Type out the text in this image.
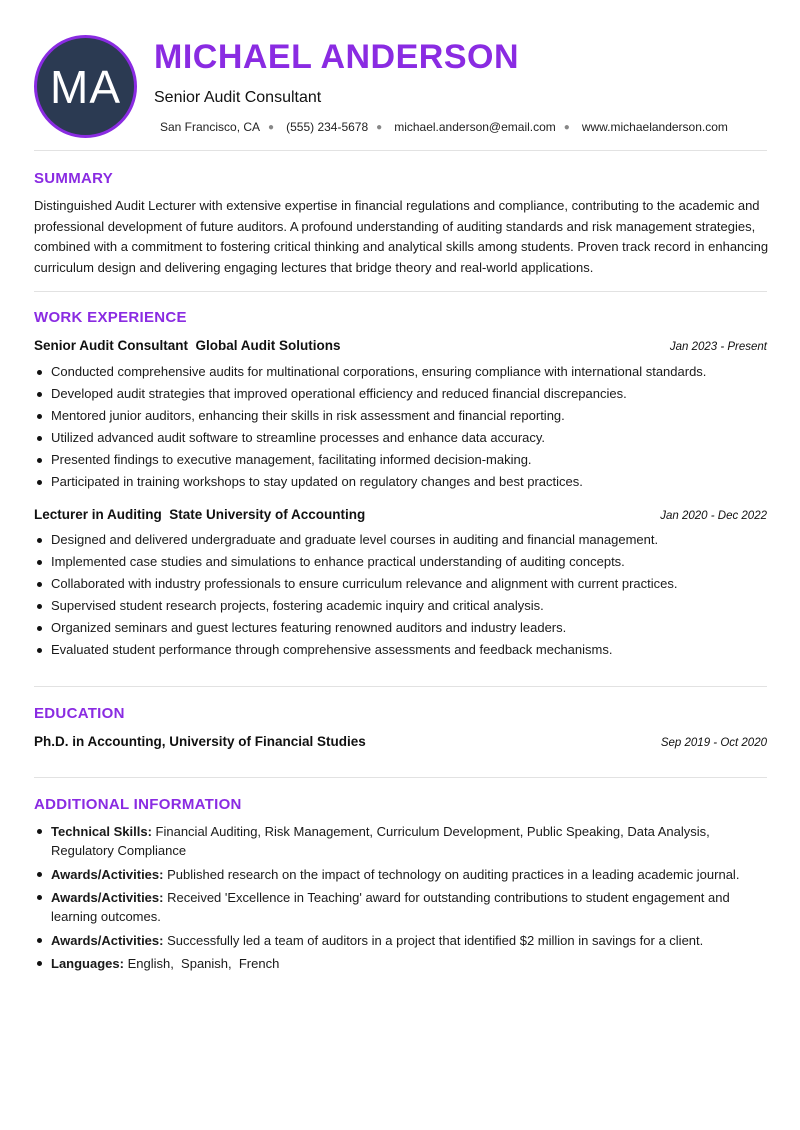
MA
MICHAEL ANDERSON
Senior Audit Consultant
San Francisco, CA ● (555) 234-5678 ● michael.anderson@email.com ● www.michaelanderson.com
SUMMARY
Distinguished Audit Lecturer with extensive expertise in financial regulations and compliance, contributing to the academic and professional development of future auditors. A profound understanding of auditing standards and risk management strategies, combined with a commitment to fostering critical thinking and analytical skills among students. Proven track record in enhancing curriculum design and delivering engaging lectures that bridge theory and real-world applications.
WORK EXPERIENCE
Senior Audit Consultant  Global Audit Solutions	Jan 2023 - Present
Conducted comprehensive audits for multinational corporations, ensuring compliance with international standards.
Developed audit strategies that improved operational efficiency and reduced financial discrepancies.
Mentored junior auditors, enhancing their skills in risk assessment and financial reporting.
Utilized advanced audit software to streamline processes and enhance data accuracy.
Presented findings to executive management, facilitating informed decision-making.
Participated in training workshops to stay updated on regulatory changes and best practices.
Lecturer in Auditing  State University of Accounting	Jan 2020 - Dec 2022
Designed and delivered undergraduate and graduate level courses in auditing and financial management.
Implemented case studies and simulations to enhance practical understanding of auditing concepts.
Collaborated with industry professionals to ensure curriculum relevance and alignment with current practices.
Supervised student research projects, fostering academic inquiry and critical analysis.
Organized seminars and guest lectures featuring renowned auditors and industry leaders.
Evaluated student performance through comprehensive assessments and feedback mechanisms.
EDUCATION
Ph.D. in Accounting, University of Financial Studies	Sep 2019 - Oct 2020
ADDITIONAL INFORMATION
Technical Skills: Financial Auditing, Risk Management, Curriculum Development, Public Speaking, Data Analysis, Regulatory Compliance
Awards/Activities: Published research on the impact of technology on auditing practices in a leading academic journal.
Awards/Activities: Received 'Excellence in Teaching' award for outstanding contributions to student engagement and learning outcomes.
Awards/Activities: Successfully led a team of auditors in a project that identified $2 million in savings for a client.
Languages: English,  Spanish,  French
